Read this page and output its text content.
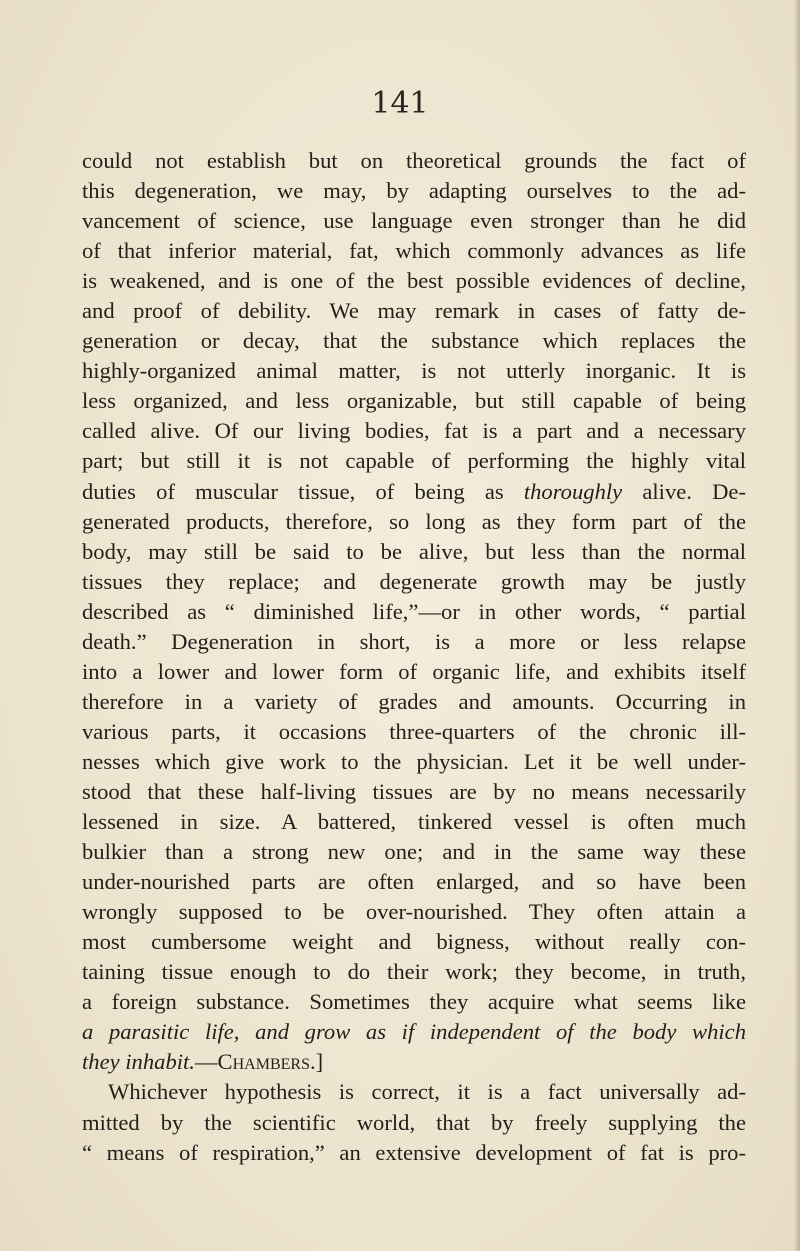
141
could not establish but on theoretical grounds the fact of
this degeneration, we may, by adapting ourselves to the ad-
vancement of science, use language even stronger than he did
of that inferior material, fat, which commonly advances as life
is weakened, and is one of the best possible evidences of decline,
and proof of debility. We may remark in cases of fatty de-
generation or decay, that the substance which replaces the
highly-organized animal matter, is not utterly inorganic. It is
less organized, and less organizable, but still capable of being
called alive. Of our living bodies, fat is a part and a necessary
part; but still it is not capable of performing the highly vital
duties of muscular tissue, of being as thoroughly alive. De-
generated products, therefore, so long as they form part of the
body, may still be said to be alive, but less than the normal
tissues they replace; and degenerate growth may be justly
described as “ diminished life,”—or in other words, “ partial
death.” Degeneration in short, is a more or less relapse
into a lower and lower form of organic life, and exhibits itself
therefore in a variety of grades and amounts. Occurring in
various parts, it occasions three-quarters of the chronic ill-
nesses which give work to the physician. Let it be well under-
stood that these half-living tissues are by no means necessarily
lessened in size. A battered, tinkered vessel is often much
bulkier than a strong new one; and in the same way these
under-nourished parts are often enlarged, and so have been
wrongly supposed to be over-nourished. They often attain a
most cumbersome weight and bigness, without really con-
taining tissue enough to do their work; they become, in truth,
a foreign substance. Sometimes they acquire what seems like
a parasitic life, and grow as if independent of the body which
they inhabit.—Chambers.]
Whichever hypothesis is correct, it is a fact universally ad-
mitted by the scientific world, that by freely supplying the
“ means of respiration,” an extensive development of fat is pro-
